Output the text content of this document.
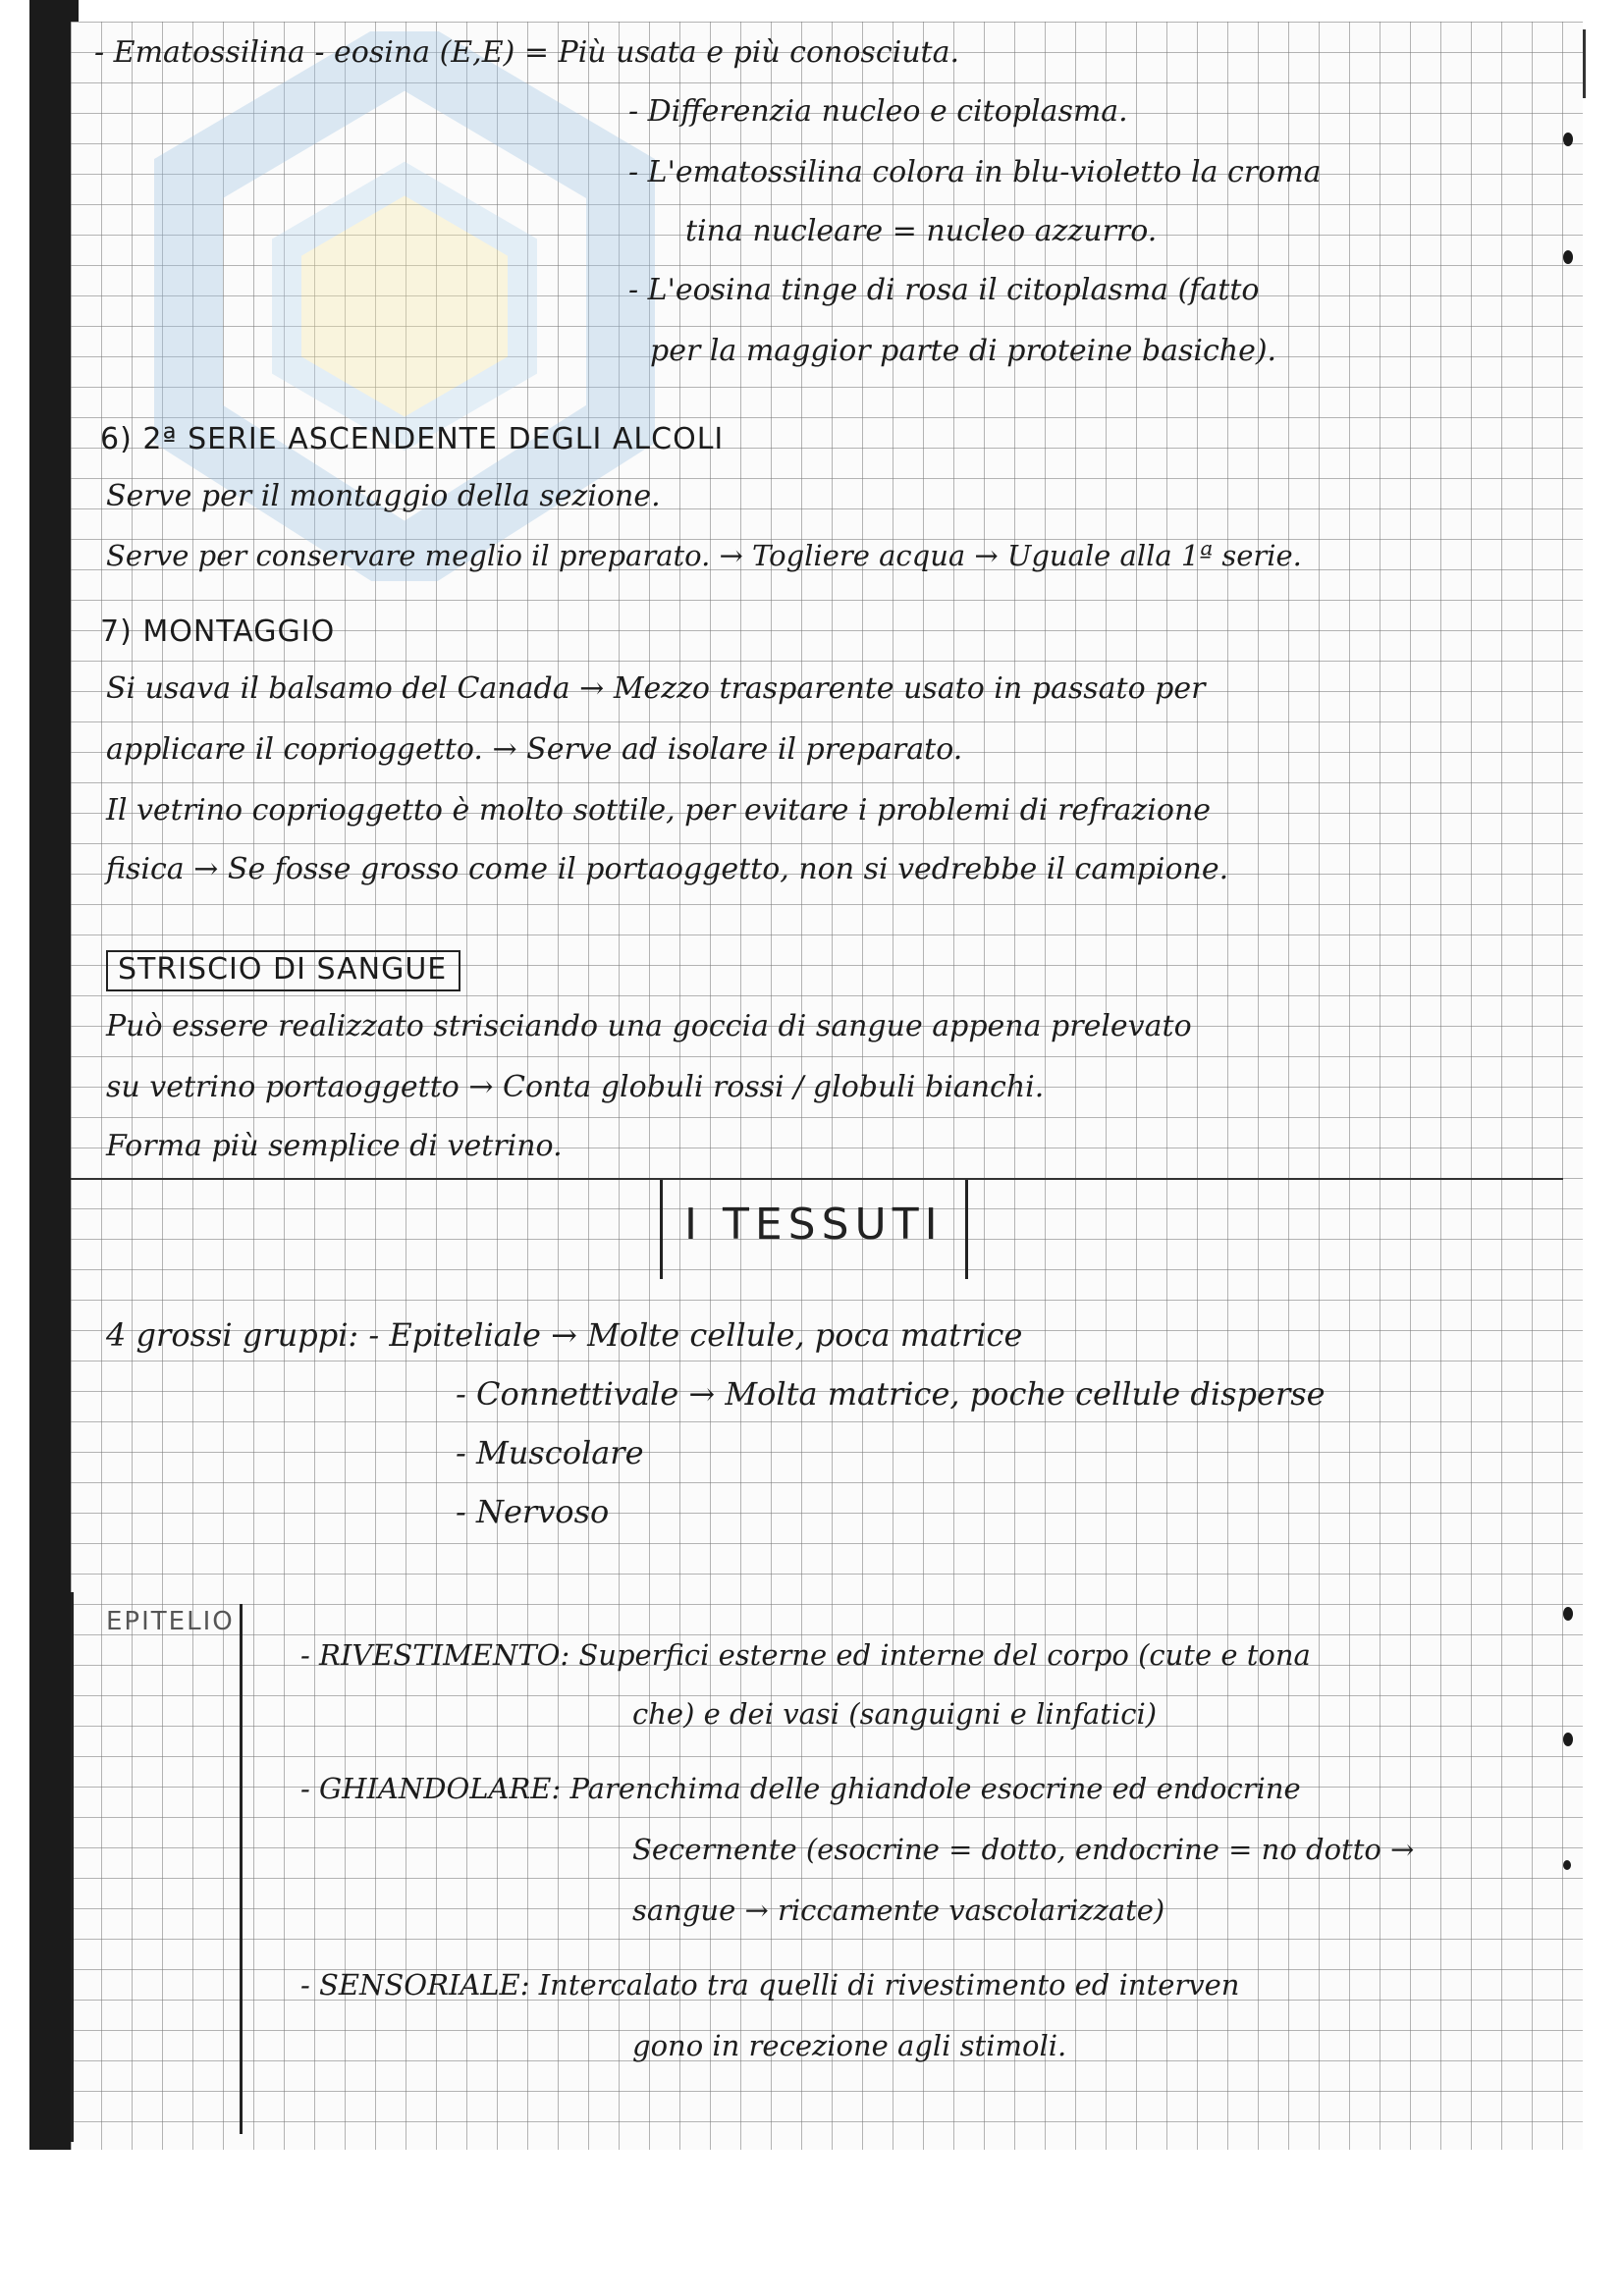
- Ematossilina - eosina (E,E) = Più usata e più conosciuta.
- Differenzia nucleo e citoplasma.
- L'ematossilina colora in blu-violetto la croma
tina nucleare = nucleo azzurro.
- L'eosina tinge di rosa il citoplasma (fatto
per la maggior parte di proteine basiche).
6) 2ª SERIE ASCENDENTE DEGLI ALCOLI
Serve per il montaggio della sezione.
Serve per conservare meglio il preparato. → Togliere acqua → Uguale alla 1ª serie.
7) MONTAGGIO
Si usava il balsamo del Canada → Mezzo trasparente usato in passato per
applicare il coprioggetto. → Serve ad isolare il preparato.
Il vetrino coprioggetto è molto sottile, per evitare i problemi di refrazione
fisica → Se fosse grosso come il portaoggetto, non si vedrebbe il campione.
STRISCIO DI SANGUE
Può essere realizzato strisciando una goccia di sangue appena prelevato
su vetrino portaoggetto → Conta globuli rossi / globuli bianchi.
Forma più semplice di vetrino.
I TESSUTI
4 grossi gruppi: - Epiteliale → Molte cellule, poca matrice
- Connettivale → Molta matrice, poche cellule disperse
- Muscolare
- Nervoso
EPITELIO
- RIVESTIMENTO: Superfici esterne ed interne del corpo (cute e tona
che) e dei vasi (sanguigni e linfatici)
- GHIANDOLARE: Parenchima delle ghiandole esocrine ed endocrine
Secernente (esocrine = dotto, endocrine = no dotto →
sangue → riccamente vascolarizzate)
- SENSORIALE: Intercalato tra quelli di rivestimento ed interven
gono in recezione agli stimoli.
